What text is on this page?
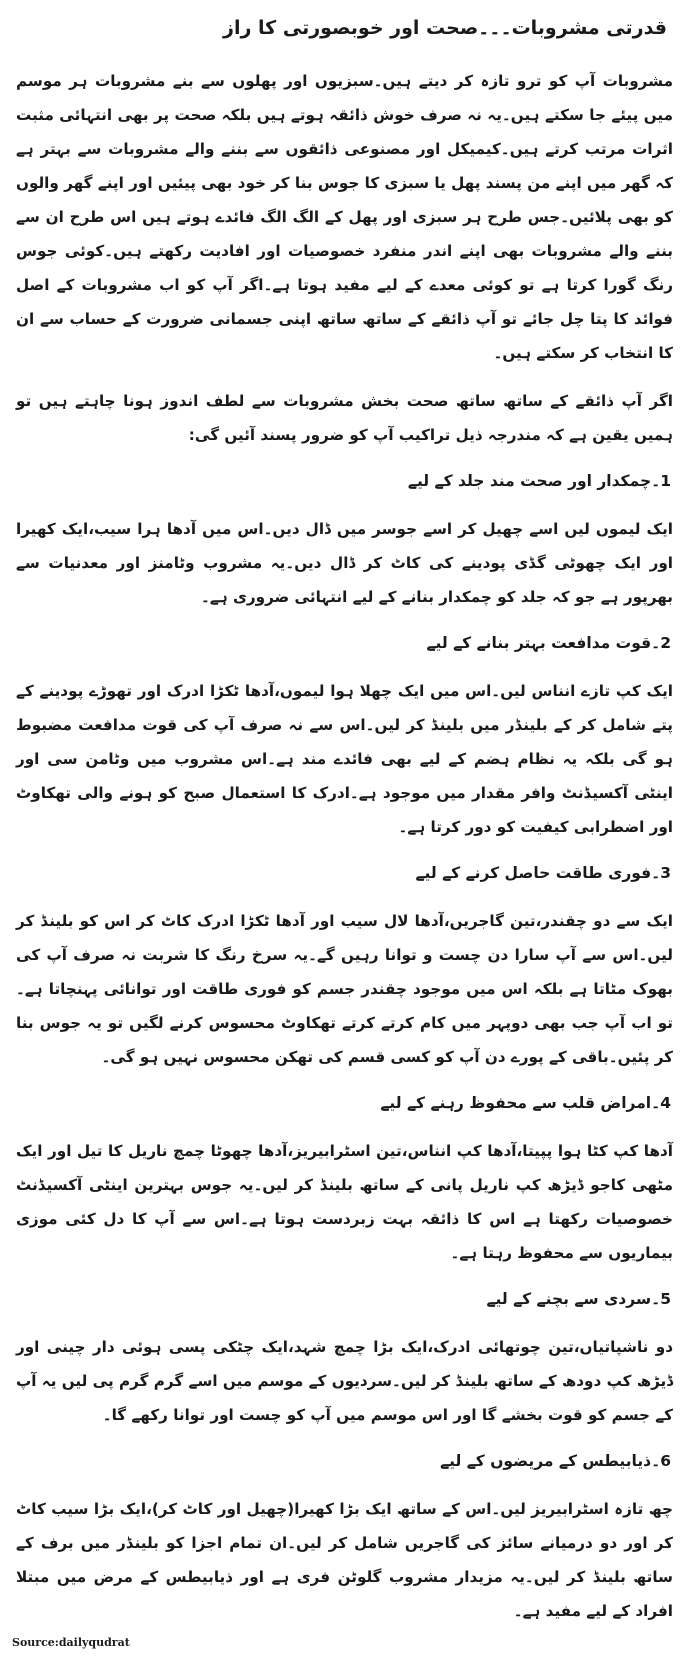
قدرتی مشروبات۔۔۔صحت اور خوبصورتی کا راز

مشروبات آپ کو ترو تازہ کر دیتے ہیں۔سبزیوں اور پھلوں سے بنے مشروبات ہر موسم میں پیئے جا سکتے ہیں۔یہ نہ صرف خوش ذائقہ ہوتے ہیں بلکہ صحت پر بھی انتہائی مثبت اثرات مرتب کرتے ہیں۔کیمیکل اور مصنوعی ذائقوں سے بننے والے مشروبات سے بہتر ہے کہ گھر میں اپنے من پسند پھل یا سبزی کا جوس بنا کر خود بھی پیئیں اور اپنے گھر والوں کو بھی پلائیں۔جس طرح ہر سبزی اور پھل کے الگ الگ فائدے ہوتے ہیں اس طرح ان سے بننے والے مشروبات بھی اپنے اندر منفرد خصوصیات اور افادیت رکھتے ہیں۔کوئی جوس رنگ گورا کرتا ہے تو کوئی معدے کے لیے مفید ہوتا ہے۔اگر آپ کو اب مشروبات کے اصل فوائد کا پتا چل جائے تو آپ ذائقے کے ساتھ ساتھ اپنی جسمانی ضرورت کے حساب سے ان کا انتخاب کر سکتے ہیں۔

اگر آپ ذائقے کے ساتھ ساتھ صحت بخش مشروبات سے لطف اندوز ہونا چاہتے ہیں تو ہمیں یقین ہے کہ مندرجہ ذیل تراکیب آپ کو ضرور پسند آئیں گی:

1۔چمکدار اور صحت مند جلد کے لیے

ایک لیموں لیں اسے چھیل کر اسے جوسر میں ڈال دیں۔اس میں آدھا ہرا سیب،ایک کھیرا اور ایک چھوٹی گڈی پودینے کی کاٹ کر ڈال دیں۔یہ مشروب وٹامنز اور معدنیات سے بھرپور ہے جو کہ جلد کو چمکدار بنانے کے لیے انتہائی ضروری ہے۔

2۔قوت مدافعت بہتر بنانے کے لیے

ایک کپ تازے انناس لیں۔اس میں ایک چھلا ہوا لیموں،آدھا ٹکڑا ادرک اور تھوڑے پودینے کے پتے شامل کر کے بلینڈر میں بلینڈ کر لیں۔اس سے نہ صرف آپ کی قوت مدافعت مضبوط ہو گی بلکہ یہ نظام ہضم کے لیے بھی فائدے مند ہے۔اس مشروب میں وٹامن سی اور اینٹی آکسیڈنٹ وافر مقدار میں موجود ہے۔ادرک کا استعمال صبح کو ہونے والی تھکاوٹ اور اضطرابی کیفیت کو دور کرتا ہے۔

3۔فوری طاقت حاصل کرنے کے لیے

ایک سے دو چقندر،تین گاجریں،آدھا لال سیب اور آدھا ٹکڑا ادرک کاٹ کر اس کو بلینڈ کر لیں۔اس سے آپ سارا دن چست و توانا رہیں گے۔یہ سرخ رنگ کا شربت نہ صرف آپ کی بھوک مٹاتا ہے بلکہ اس میں موجود چقندر جسم کو فوری طاقت اور توانائی پہنچاتا ہے۔تو اب آپ جب بھی دوپہر میں کام کرتے کرتے تھکاوٹ محسوس کرنے لگیں تو یہ جوس بنا کر پئیں۔باقی کے پورے دن آپ کو کسی قسم کی تھکن محسوس نہیں ہو گی۔

4۔امراض قلب سے محفوظ رہنے کے لیے

آدھا کپ کٹا ہوا پپیتا،آدھا کپ انناس،تین اسٹرابیریز،آدھا چھوٹا چمچ ناریل کا تیل اور ایک مٹھی کاجو ڈیڑھ کپ ناریل پانی کے ساتھ بلینڈ کر لیں۔یہ جوس بہترین اینٹی آکسیڈنٹ خصوصیات رکھتا ہے اس کا ذائقہ بہت زبردست ہوتا ہے۔اس سے آپ کا دل کئی موزی بیماریوں سے محفوظ رہتا ہے۔

5۔سردی سے بچنے کے لیے

دو ناشپاتیاں،تین چوتھائی ادرک،ایک بڑا چمچ شہد،ایک چٹکی پسی ہوئی دار چینی اور ڈیڑھ کپ دودھ کے ساتھ بلینڈ کر لیں۔سردیوں کے موسم میں اسے گرم گرم پی لیں یہ آپ کے جسم کو قوت بخشے گا اور اس موسم میں آپ کو چست اور توانا رکھے گا۔

6۔ذیابیطس کے مریضوں کے لیے

چھ تازہ اسٹرابیریز لیں۔اس کے ساتھ ایک بڑا کھیرا(چھیل اور کاٹ کر)،ایک بڑا سیب کاٹ کر اور دو درمیانے سائز کی گاجریں شامل کر لیں۔ان تمام اجزا کو بلینڈر میں برف کے ساتھ بلینڈ کر لیں۔یہ مزیدار مشروب گلوٹن فری ہے اور ذیابیطس کے مرض میں مبتلا افراد کے لیے مفید ہے۔

Source:dailyqudrat
